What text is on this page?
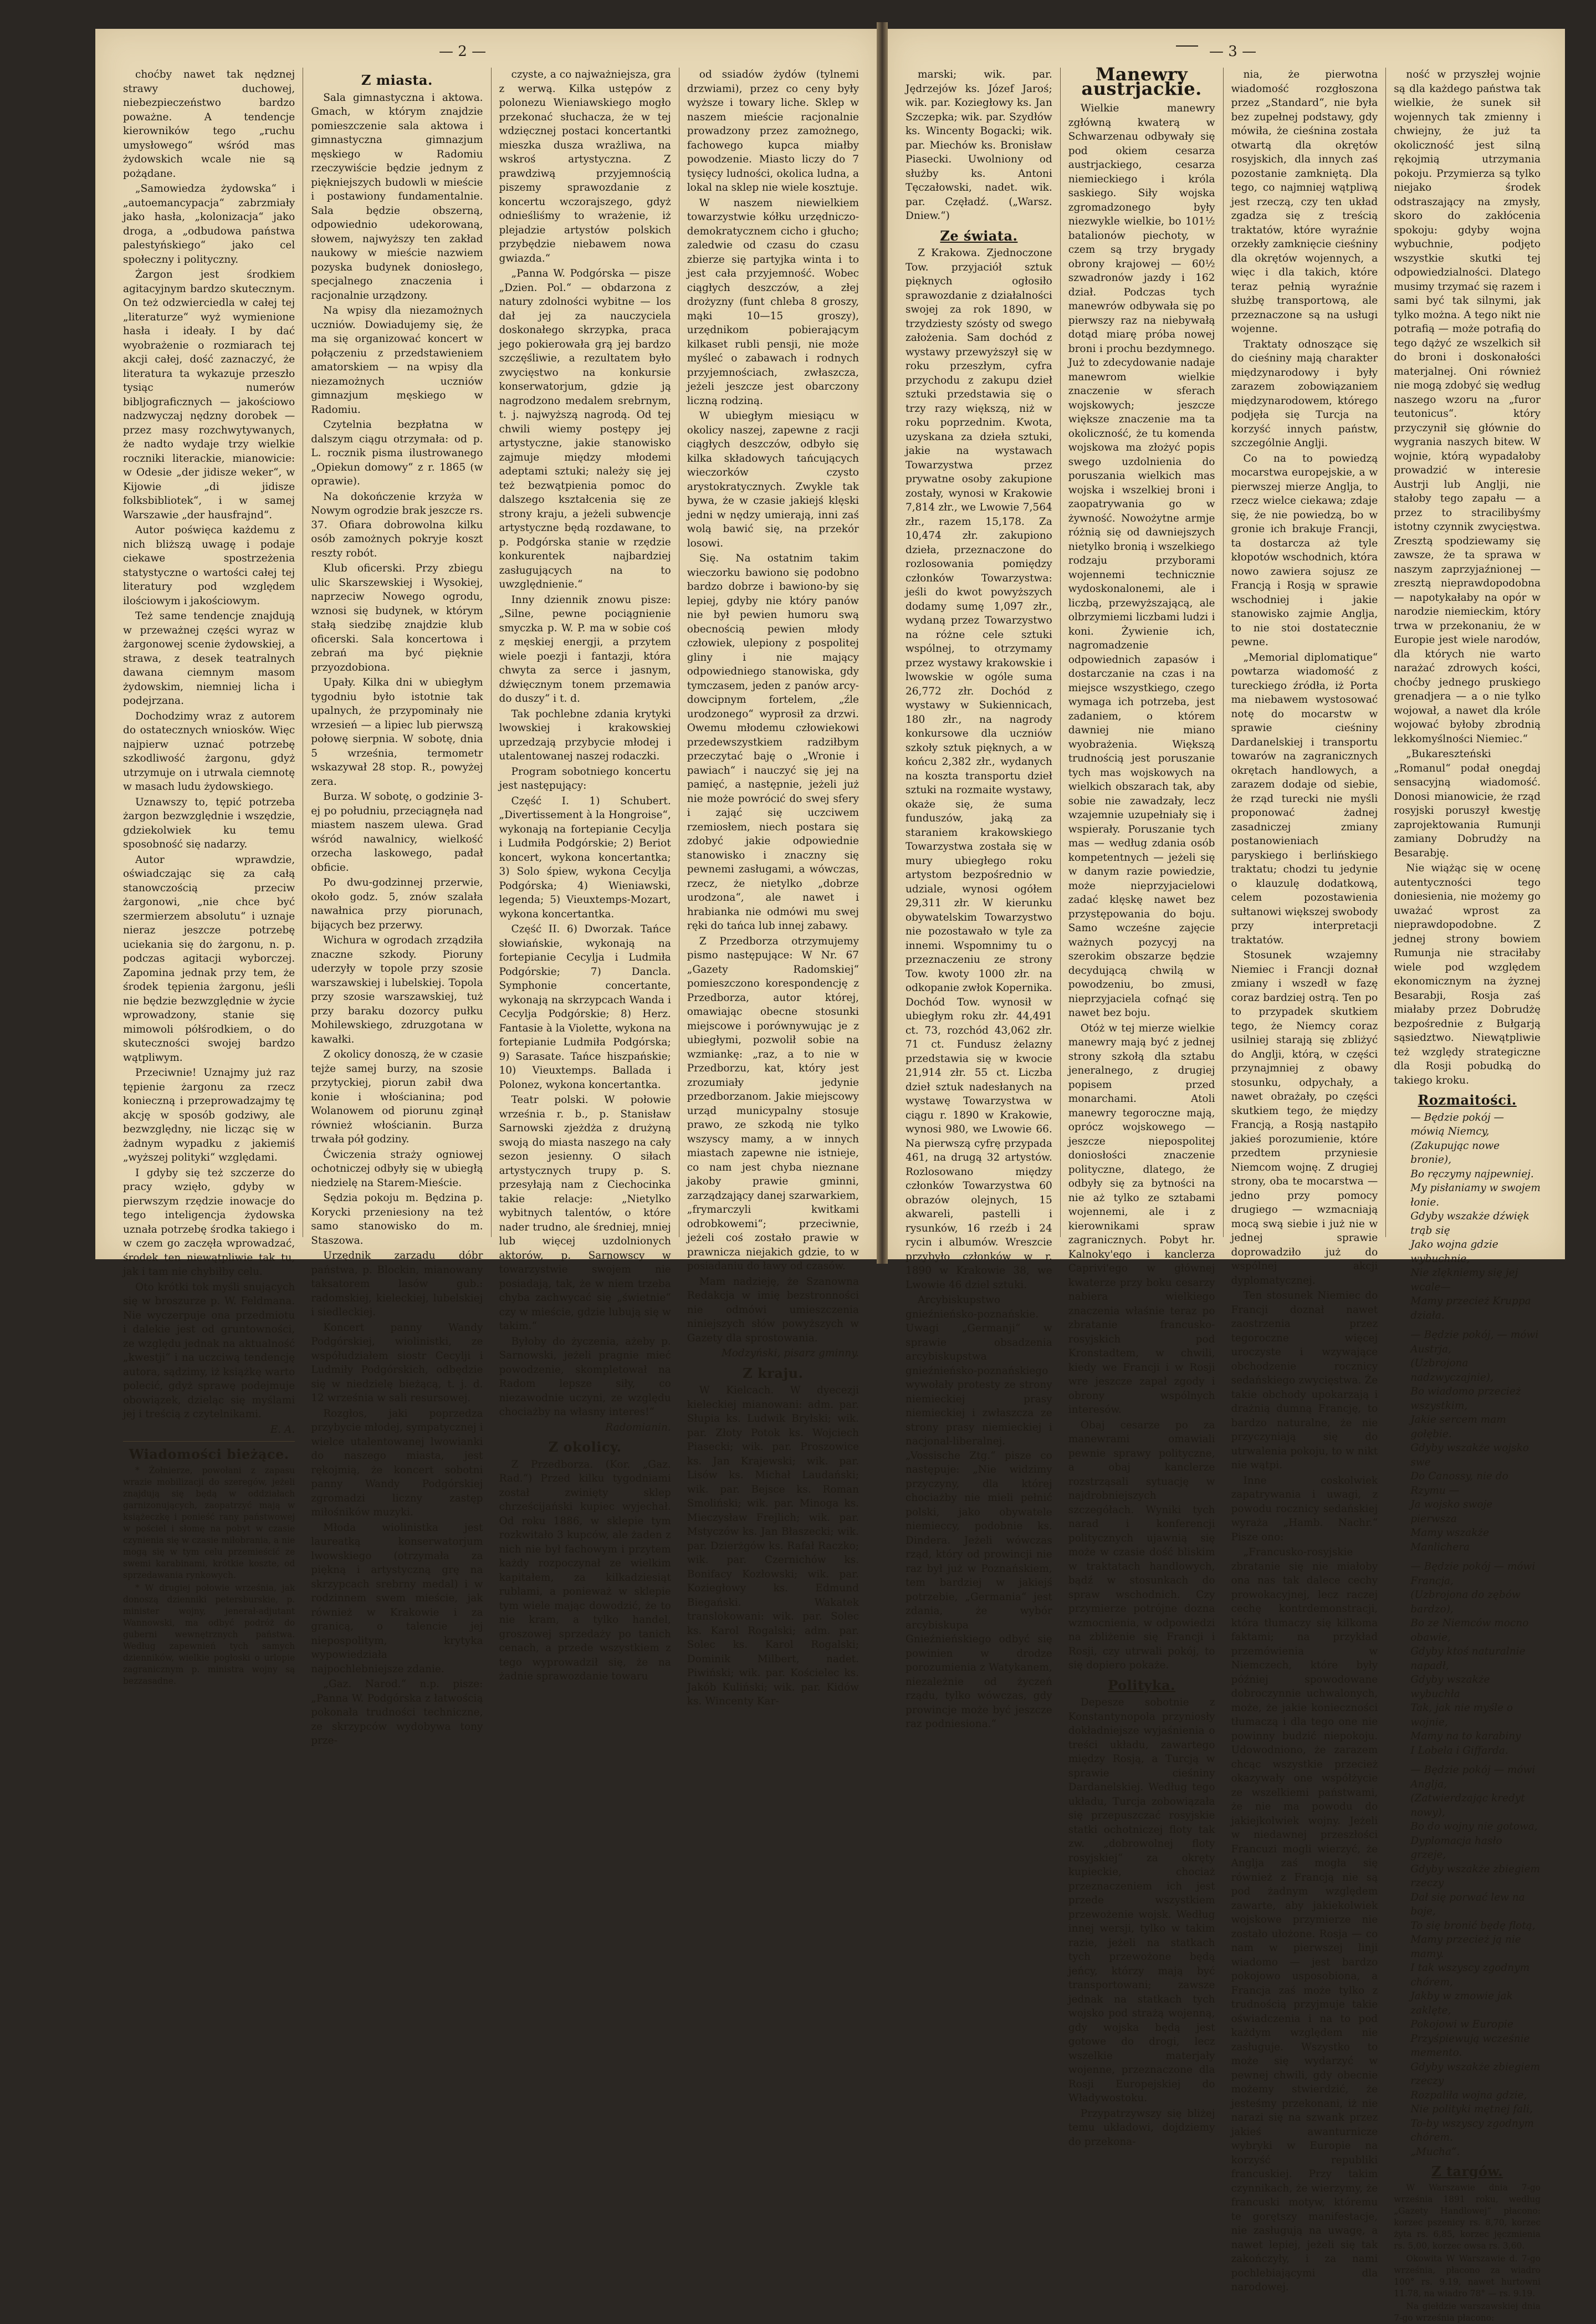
— 2 —

choćby nawet tak nędznej strawy duchowej, niebezpieczeństwo bardzo poważne. A tendencje kierowników tego „ruchu umysłowego“ wśród mas żydowskich wcale nie są pożądane.

„Samowiedza żydowska“ i „autoemancypacja“ zabrzmiały jako hasła, „kolonizacja“ jako droga, a „odbudowa państwa palestyńskiego“ jako cel społeczny i polityczny.

Żargon jest środkiem agitacyjnym bardzo skutecznym. On też odzwierciedla w całej tej „literaturze“ wyż wymienione hasła i ideały. I by dać wyobrażenie o rozmiarach tej akcji całej, dość zaznaczyć, że literatura ta wykazuje przeszło tysiąc numerów bibljograficznych — jakościowo nadzwyczaj nędzny dorobek — przez masy rozchwytywanych, że nadto wydaje trzy wielkie roczniki literackie, mianowicie: w Odesie „der jidisze weker“, w Kijowie „di jidisze folksbibliotek“, i w samej Warszawie „der hausfrajnd“.

Autor poświęca każdemu z nich bliższą uwagę i podaje ciekawe spostrzeżenia statystyczne o wartości całej tej literatury pod względem ilościowym i jakościowym.

Też same tendencje znajdują w przeważnej części wyraz w żargonowej scenie żydowskiej, a strawa, z desek teatralnych dawana ciemnym masom żydowskim, niemniej licha i podejrzana.

Dochodzimy wraz z autorem do ostatecznych wniosków. Więc najpierw uznać potrzebę szkodliwość żargonu, gdyż utrzymuje on i utrwala ciemnotę w masach ludu żydowskiego.

Uznawszy to, tępić potrzeba żargon bezwzględnie i wszędzie, gdziekolwiek ku temu sposobność się nadarzy.

Autor wprawdzie, oświadczając się za całą stanowczością przeciw żargonowi, „nie chce być szermierzem absolutu“ i uznaje nieraz jeszcze potrzebę uciekania się do żargonu, n. p. podczas agitacji wyborczej. Zapomina jednak przy tem, że środek tępienia żargonu, jeśli nie będzie bezwzględnie w życie wprowadzony, stanie się mimowoli półśrodkiem, o do skuteczności swojej bardzo wątpliwym.

Przeciwnie! Uznajmy już raz tępienie żargonu za rzecz konieczną i przeprowadzajmy tę akcję w sposób godziwy, ale bezwzględny, nie licząc się w żadnym wypadku z jakiemiś „wyższej polityki“ względami.

I gdyby się też szczerze do pracy wzięło, gdyby w pierwszym rzędzie inowacje do tego inteligencja żydowska uznała potrzebę środka takiego i w czem go zaczęła wprowadzać, środek ten niewątpliwie tak tu, jak i tam nie chybiłby celu.

Oto krótki tok myśli snujących się w broszurze p. W. Feldmana. Nie wyczerpuje ona przedmiotu i dalekie jest od gruntowności, ze względu jednak na aktualność „kwestji“ i na uczciwą tendencję autora, sądzimy, iż książkę warto polecić, gdyż sprawę podejmuje obowiązek, dzieląc się myślami jej i treścią z czytelnikami.

E. A.
Wiadomości bieżące.

* Żołnierze, powołani z zapasu wrazie mobilizacji do szeregów, jeżeli znajdują się będą w oddziałach garnizonujących, zaopatrzyć mają w książeczkę i ponieść rany państwowej w pościel i słomę na pobyt w czasie czynienia się w czasie miłobrania, a nie mogą się w tym celu przemieścić ze swemi karabinami, krótkie koszte, od sprzedawania rynkowych.

* W drugiej połowie września, jak donoszą dzienniki petersburskie, p. minister wojny, jenerał-adjutant Wannowski, ma odbyć podróż do guberni wewnętrznych państwa. Według zapewnień tych samych dzienników, wielkie pogłoski o urlopie zagranicznym p. ministra wojny są bezzasadne.

Z miasta.

Sala gimnastyczna i aktowa. Gmach, w którym znajdzie pomieszczenie sala aktowa i gimnastyczna gimnazjum męskiego w Radomiu rzeczywiście będzie jednym z piękniejszych budowli w mieście i postawiony fundamentalnie. Sala będzie obszerną, odpowiednio udekorowaną, słowem, najwyższy ten zakład naukowy w mieście nazwiem pozyska budynek doniosłego, specjalnego znaczenia i racjonalnie urządzony.

Na wpisy dla niezamożnych uczniów. Dowiadujemy się, że ma się organizować koncert w połączeniu z przedstawieniem amatorskiem — na wpisy dla niezamożnych uczniów gimnazjum męskiego w Radomiu.

Czytelnia bezpłatna w dalszym ciągu otrzymała: od p. L. rocznik pisma ilustrowanego „Opiekun domowy“ z r. 1865 (w oprawie).

Na dokończenie krzyża w Nowym ogrodzie brak jeszcze rs. 37. Ofiara dobrowolna kilku osób zamożnych pokryje koszt reszty robót.

Klub oficerski. Przy zbiegu ulic Skarszewskiej i Wysokiej, naprzeciw Nowego ogrodu, wznosi się budynek, w którym stałą siedzibę znajdzie klub oficerski. Sala koncertowa i zebrań ma być pięknie przyozdobiona.

Upały. Kilka dni w ubiegłym tygodniu było istotnie tak upalnych, że przypominały nie wrzesień — a lipiec lub pierwszą połowę sierpnia. W sobotę, dnia 5 września, termometr wskazywał 28 stop. R., powyżej zera.

Burza. W sobotę, o godzinie 3-ej po południu, przeciągnęła nad miastem naszem ulewa. Grad wśród nawalnicy, wielkość orzecha laskowego, padał obficie.

Po dwu-godzinnej przerwie, około godz. 5, znów szalała nawałnica przy piorunach, bijących bez przerwy.

Wichura w ogrodach zrządziła znaczne szkody. Pioruny uderzyły w topole przy szosie warszawskiej i lubelskiej. Topola przy szosie warszawskiej, tuż przy baraku dozorcy pułku Mohilewskiego, zdruzgotana w kawałki.

Z okolicy donoszą, że w czasie tejże samej burzy, na szosie przytyckiej, piorun zabił dwa konie i włościanina; pod Wolanowem od piorunu zginął również włościanin. Burza trwała pół godziny.

Ćwiczenia straży ogniowej ochotniczej odbyły się w ubiegłą niedzielę na Starem-Mieście.

Sędzia pokoju m. Będzina p. Korycki przeniesiony na też samo stanowisko do m. Staszowa.

Urzędnik zarządu dóbr państwa, p. Blockin, mianowany taksatorem lasów gub.: radomskiej, kieleckiej, lubelskiej i siedleckiej.

Koncert panny Wandy Podgórskiej, wiolinistki, ze współudziałem siostr Cecylji i Ludmiły Podgórskich, odbędzie się w niedzielę bieżącą, t. j. d. 12 września w sali resursowej.

Rozgłos, jaki poprzedza przybycie młodej, sympatycznej i wielce utalentowanej lwowianki do naszego miasta, jest rękojmią, że koncert sobotni panny Wandy Podgórskiej zgromadzi liczny zastęp miłośników muzyki.

Młoda wiolinistka jest laureatką konserwatorjum lwowskiego (otrzymała za piękną i artystyczną grę na skrzypcach srebrny medal) i w rodzinnem swem mieście, jak również w Krakowie i za granicą, o talencie jej niepospolitym, krytyka wypowiedziała najpochlebniejsze zdanie.

„Gaz. Narod.“ n.p. pisze: „Panna W. Podgórska z łatwością pokonała trudności techniczne, ze skrzypców wydobywa tony prze-

czyste, a co najważniejsza, gra z werwą. Kilka ustępów z polonezu Wieniawskiego mogło przekonać słuchacza, że w tej wdzięcznej postaci koncertantki mieszka dusza wrażliwa, na wskroś artystyczna. Z prawdziwą przyjemnością piszemy sprawozdanie z koncertu wczorajszego, gdyż odnieśliśmy to wrażenie, iż plejadzie artystów polskich przybędzie niebawem nowa gwiazda.“

„Panna W. Podgórska — pisze „Dzien. Pol.“ — obdarzona z natury zdolności wybitne — los dał jej za nauczyciela doskonałego skrzypka, praca jego pokierowała grą jej bardzo szczęśliwie, a rezultatem było zwycięstwo na konkursie konserwatorjum, gdzie ją nagrodzono medalem srebrnym, t. j. najwyższą nagrodą. Od tej chwili wiemy postępy jej artystyczne, jakie stanowisko zajmuje między młodemi adeptami sztuki; należy się jej też bezwątpienia pomoc do dalszego kształcenia się ze strony kraju, a jeżeli subwencje artystyczne będą rozdawane, to p. Podgórska stanie w rzędzie konkurentek najbardziej zasługujących na to uwzględnienie.“

Inny dziennik znowu pisze: „Silne, pewne pociągnienie smyczka p. W. P. ma w sobie coś z męskiej energji, a przytem wiele poezji i fantazji, która chwyta za serce i jasnym, dźwięcznym tonem przemawia do duszy“ i t. d.

Tak pochlebne zdania krytyki lwowskiej i krakowskiej uprzedzają przybycie młodej i utalentowanej naszej rodaczki.

Program sobotniego koncertu jest następujący:

Część I. 1) Schubert. „Divertissement à la Hongroise“, wykonają na fortepianie Cecylja i Ludmiła Podgórskie; 2) Beriot koncert, wykona koncertantka; 3) Solo śpiew, wykona Cecylja Podgórska; 4) Wieniawski, legenda; 5) Vieuxtemps-Mozart, wykona koncertantka.

Część II. 6) Dworzak. Tańce słowiańskie, wykonają na fortepianie Cecylja i Ludmiła Podgórskie; 7) Dancla. Symphonie concertante, wykonają na skrzypcach Wanda i Cecylja Podgórskie; 8) Herz. Fantasie à la Violette, wykona na fortepianie Ludmiła Podgórska; 9) Sarasate. Tańce hiszpańskie; 10) Vieuxtemps. Ballada i Polonez, wykona koncertantka.

Teatr polski. W połowie września r. b., p. Stanisław Sarnowski zjeżdża z drużyną swoją do miasta naszego na cały sezon jesienny. O siłach artystycznych trupy p. S. przesyłają nam z Ciechocinka takie relacje: „Nietylko wybitnych talentów, o które nader trudno, ale średniej, mniej lub więcej uzdolnionych aktorów, p. Sarnowscy w towarzystwie swojem nie posiadają, tak, że w niem trzeba chyba zachwycać się „świetnie“ czy w mieście, gdzie lubują się w takim.“

Byłoby do życzenia, ażeby p. Sarnowski, jeżeli pragnie mieć powodzenie, skompletował na Radom lepsze siły, co niezawodnie uczyni, ze względu chociażby na własny interes!“

Radomianin.
Z okolicy.

Z Przedborza. (Kor. „Gaz. Rad.“) Przed kilku tygodniami został zwinięty sklep chrześcijański kupiec wyjechał. Od roku 1886, w sklepie tym rozkwitało 3 kupców, ale żaden z nich nie był fachowym i przytem każdy rozpoczynał ze wielkim kapitałem, za kilkadziesiąt rublami, a ponieważ w sklepie tym wiele mając dowodzić, że to nie kram, a tylko handel, groszowej sprzedaży po tanich cenach, a przede wszystkiem z tego wyprowadził się, że na żadnie sprawozdanie towaru

od ssiadów żydów (tylnemi drzwiami), przez co ceny były wyższe i towary liche. Sklep w naszem mieście racjonalnie prowadzony przez zamożnego, fachowego kupca miałby powodzenie. Miasto liczy do 7 tysięcy ludności, okolica ludna, a lokal na sklep nie wiele kosztuje.

W naszem niewielkiem towarzystwie kółku urzędniczo-demokratycznem cicho i głucho; zaledwie od czasu do czasu zbierze się partyjka winta i to jest cała przyjemność. Wobec ciągłych deszczów, a złej drożyzny (funt chleba 8 groszy, mąki 10—15 groszy), urzędnikom pobierającym kilkaset rubli pensji, nie może myśleć o zabawach i rodnych przyjemnościach, zwłaszcza, jeżeli jeszcze jest obarczony liczną rodziną.

W ubiegłym miesiącu w okolicy naszej, zapewne z racji ciągłych deszczów, odbyło się kilka składowych tańcujących wieczorków czysto arystokratycznych. Zwykle tak bywa, że w czasie jakiejś klęski jedni w nędzy umierają, inni zaś wolą bawić się, na przekór losowi.

Się. Na ostatnim takim wieczorku bawiono się podobno bardzo dobrze i bawiono-by się lepiej, gdyby nie który panów nie był pewien humoru swą obecnością pewien młody człowiek, ulepiony z pospolitej gliny i nie mający odpowiedniego stanowiska, gdy tymczasem, jeden z panów arcy-dowcipnym fortelem, „źle urodzonego“ wyprosił za drzwi. Owemu młodemu człowiekowi przedewszystkiem radziłbym przeczytać baję o „Wronie i pawiach“ i nauczyć się jej na pamięć, a następnie, jeżeli już nie może powrócić do swej sfery i zająć się uczciwem rzemiosłem, niech postara się zdobyć jakie odpowiednie stanowisko i znaczny się pewnemi zasługami, a wówczas, rzecz, że nietylko „dobrze urodzona“, ale nawet i hrabianka nie odmówi mu swej ręki do tańca lub innej zabawy.

Z Przedborza otrzymujemy pismo następujące: W Nr. 67 „Gazety Radomskiej“ pomieszczono korespondencję z Przedborza, autor której, omawiając obecne stosunki miejscowe i porównywując je z ubiegłymi, pozwolił sobie na wzmiankę: „raz, a to nie w Przedborzu, kat, który jest zrozumiały jedynie przedborzanom. Jakie miejscowy urząd municypalny stosuje prawo, ze szkodą nie tylko wszyscy mamy, a w innych miastach zapewne nie istnieje, co nam jest chyba nieznane jakoby prawie gminni, zarządzający danej szarwarkiem, „frymarczyli kwitkami odrobkowemi“; przeciwnie, jeżeli coś zostało prawie w prawnicza niejakich gdzie, to w posiadaniu do ławy od czasów.

Mam nadzieję, że Szanowna Redakcja w imię bezstronności nie odmówi umieszczenia niniejszych słów powyższych w Gazety dla sprostowania.

Modzyński, pisarz gminny.
Z kraju.

W Kielcach. W dyecezji kieleckiej mianowani: adm. par. Słupia ks. Ludwik Bryłski; wik. par. Złoty Potok ks. Wojciech Piasecki; wik. par. Proszowice ks. Jan Krajewski; wik. par. Lisów ks. Michał Laudański; wik. par. Bejsce ks. Roman Smoliński; wik. par. Minoga ks. Mieczysław Frejlich; wik. par. Mstyczów ks. Jan Błaszecki; wik. par. Dzierżgów ks. Rafał Raczko; wik. par. Czernichów ks. Bonifacy Kozłowski; wik. par. Koziegłowy ks. Edmund Biegański. Wakatek translokowani: wik. par. Solec ks. Karol Rogalski; adm. par. Solec ks. Karol Rogalski; Dominik Milbert, nadet. Piwiński; wik. par. Kościelec ks. Jakób Kuliński; wik. par. Kidów ks. Wincenty Kar-

— 3 —

marski; wik. par. Jędrzejów ks. Józef Jaroś; wik. par. Koziegłowy ks. Jan Szczepka; wik. par. Szydłów ks. Wincenty Bogacki; wik. par. Miechów ks. Bronisław Piasecki. Uwolniony od służby ks. Antoni Tęczałowski, nadet. wik. par. Częładź. („Warsz. Dniew.“)

Ze świata.

Z Krakowa. Zjednoczone Tow. przyjaciół sztuk pięknych ogłosiło sprawozdanie z działalności swojej za rok 1890, w trzydziesty szósty od swego założenia. Sam dochód z wystawy przewyższył się w roku przeszłym, cyfra przychodu z zakupu dzieł sztuki przedstawia się o trzy razy większą, niż w roku poprzednim. Kwota, uzyskana za dzieła sztuki, jakie na wystawach Towarzystwa przez prywatne osoby zakupione zostały, wynosi w Krakowie 7,814 złr., we Lwowie 7,564 złr., razem 15,178. Za 10,474 złr. zakupiono dzieła, przeznaczone do rozlosowania pomiędzy członków Towarzystwa: jeśli do kwot powyższych dodamy sumę 1,097 złr., wydaną przez Towarzystwo na różne cele sztuki wspólnej, to otrzymamy przez wystawy krakowskie i lwowskie w ogóle suma 26,772 złr. Dochód z wystawy w Sukiennicach, 180 złr., na nagrody konkursowe dla uczniów szkoły sztuk pięknych, a w końcu 2,382 złr., wydanych na koszta transportu dzieł sztuki na rozmaite wystawy, okaże się, że suma funduszów, jaką za staraniem krakowskiego Towarzystwa została się w mury ubiegłego roku artystom bezpośrednio w udziale, wynosi ogółem 29,311 złr. W kierunku obywatelskim Towarzystwo nie pozostawało w tyle za innemi. Wspomnimy tu o przeznaczeniu ze strony Tow. kwoty 1000 złr. na odkopanie zwłok Kopernika. Dochód Tow. wynosił w ubiegłym roku złr. 44,491 ct. 73, rozchód 43,062 złr. 71 ct. Fundusz żelazny przedstawia się w kwocie 21,914 złr. 55 ct. Liczba dzieł sztuk nadesłanych na wystawę Towarzystwa w ciągu r. 1890 w Krakowie, wynosi 980, we Lwowie 66. Na pierwszą cyfrę przypada 461, na drugą 32 artystów. Rozlosowano między członków Towarzystwa 60 obrazów olejnych, 15 akwareli, pastelli i rysunków, 16 rzeźb i 24 rycin i albumów. Wreszcie przybyło członków w r. 1890 w Krakowie 38, we Lwowie 46 dziel sztuki.

Arcybiskupstwo gnieźnieńsko-poznańskie. Uwagi „Germanji“ w sprawie obsadzenia arcybiskupstwa gnieźnieńsko-poznańskiego wywołały protesty ze strony niemieckiej prasy niemieckiej i zwłaszcza ze strony prasy niemieckiej i nacjonal-liberalnej. „Vossische Ztg.“ pisze co następuje: „Nie widzimy przyczyny, dla której chociażby nie mieli pełnić polski, jako obywatele niemieccy, podobnie ks. Dindera. Jeżeli wówczas rząd, który od prowincji nie raz był już w Poznańskiem, tem bardziej w jakiejś potrzebie, „Germania“ jest zdania, że wybór arcybiskupa Gnieźnieńskiego odbyć się powinien w drodze porozumienia z Watykanem, niezależnie od życzeń rządu, tylko wówczas, gdy prowincje może być jeszcze raz podniesiona.“

Manewry austrjackie.

Wielkie manewry zgłówną kwaterą w Schwarzenau odbywały się pod okiem cesarza austrjackiego, cesarza niemieckiego i króla saskiego. Siły wojska zgromadzonego były niezwykle wielkie, bo 101½ batalionów piechoty, w czem są trzy brygady obrony krajowej — 60½ szwadronów jazdy i 162 dział. Podczas tych manewrów odbywała się po pierwszy raz na niebywałą dotąd miarę próba nowej broni i prochu bezdymnego. Już to zdecydowanie nadaje manewrom wielkie znaczenie w sferach wojskowych; jeszcze większe znaczenie ma ta okoliczność, że tu komenda wojskowa ma złożyć popis swego uzdolnienia do poruszania wielkich mas wojska i wszelkiej broni i zaopatrywania go w żywność. Nowożytne armje różnią się od dawniejszych nietylko bronią i wszelkiego rodzaju przyborami wojennemi technicznie wydoskonalonemi, ale i liczbą, przewyższającą, ale olbrzymiemi liczbami ludzi i koni. Żywienie ich, nagromadzenie odpowiednich zapasów i dostarczanie na czas i na miejsce wszystkiego, czego wymaga ich potrzeba, jest zadaniem, o którem dawniej nie miano wyobrażenia. Większą trudnością jest poruszanie tych mas wojskowych na wielkich obszarach tak, aby sobie nie zawadzały, lecz wzajemnie uzupełniały się i wspierały. Poruszanie tych mas — według zdania osób kompetentnych — jeżeli się w danym razie powiedzie, może nieprzyjacielowi zadać klęskę nawet bez przystępowania do boju. Samo wcześne zajęcie ważnych pozycyj na szerokim obszarze będzie decydującą chwilą w powodzeniu, bo zmusi, nieprzyjaciela cofnąć się nawet bez boju.

Otóż w tej mierze wielkie manewry mają być z jednej strony szkołą dla sztabu jeneralnego, z drugiej popisem przed monarchami. Atoli manewry tegoroczne mają, oprócz wojskowego — jeszcze niepospolitej doniosłości znaczenie polityczne, dlatego, że odbyły się za bytności na nie aż tylko ze sztabami wojennemi, ale i z kierownikami spraw zagranicznych. Pobyt hr. Kalnoky'ego i kanclerza Caprivi'ego w głównej kwaterze przy boku cesarzy nabiera wielkiego znaczenia właśnie teraz po zbratanie francusko-rosyjskich pod Kronstadtem, w chwili, kiedy we Francji i w Rosji wre jeszcze zapał zgody i obrony wspólnych interesów.

Obaj cesarze po za manewrami omawiali pewnie sprawy polityczne, a obaj kanclerze rozstrząsali sytuację w najdrobniejszych szczegółach. Wyniki tych narad i konferencji politycznych ujawnią się może w czasie dość bliskim w traktatach handlowych, bądź w stosunkach do spraw wschodnich. Czy przymierze potrójne dozna wzmocnienia, w odpowiedzi na zbliżenie się Francji i Rosji, czy utrwali pokój, to się dopiero pokaże.

Polityka.

Depesze sobotnie z Konstantynopola przyniosły dokładniejsze wyjaśnienia o treści układu, zawartego między Rosją, a Turcją w sprawie cieśniny Dardanelskiej. Według tego układu, Turcja zobowiązała się przepuszczać rosyjskie statki ochotniczej floty tak zw. „dobrowolnej floty rosyjskiej“ za okręty kupieckie, chociaż przeznaczeniem ich jest przede wszystkiem przewożenie wojsk. Według innej wersji, tylko w takim razie, jeżeli na statkach tych przewożone będą jeńcy, którzy mają być transportowani; zawsze jednak na statkach tych wojsko pod strażą wojenną, gdy wojska będą jest gotowe do drogi, lecz wszelkie materjały wojenne, przeznaczone dla Rosji Europejskiej do Władywostoku.

Przypatrzywszy się bliżej temu układowi, dojdziemy do przekona-

nia, że pierwotna wiadomość rozgłoszona przez „Standard“, nie była bez zupełnej podstawy, gdy mówiła, że cieśnina została otwartą dla okrętów rosyjskich, dla innych zaś pozostanie zamkniętą. Dla tego, co najmniej wątpliwą jest rzeczą, czy ten układ zgadza się z treścią traktatów, które wyraźnie orzekły zamknięcie cieśniny dla okrętów wojennych, a więc i dla takich, które teraz pełnią wyraźnie służbę transportową, ale przeznaczone są na usługi wojenne.

Traktaty odnoszące się do cieśniny mają charakter międzynarodowy i były zarazem zobowiązaniem międzynarodowem, którego podjęła się Turcja na korzyść innych państw, szczególnie Anglji.

Co na to powiedzą mocarstwa europejskie, a w pierwszej mierze Anglja, to rzecz wielce ciekawa; zdaje się, że nie powiedzą, bo w gronie ich brakuje Francji, ta dostarcza aż tyle kłopotów wschodnich, która nowo zawiera sojusz ze Francją i Rosją w sprawie wschodniej i jakie stanowisko zajmie Anglja, to nie stoi dostatecznie pewne.

„Memorial diplomatique“ powtarza wiadomość z tureckiego źródła, iż Porta ma niebawem wystosować notę do mocarstw w sprawie cieśniny Dardanelskiej i transportu towarów na zagranicznych okrętach handlowych, a zarazem dodaje od siebie, że rząd turecki nie myśli proponować żadnej zasadniczej zmiany postanowieniach paryskiego i berlińskiego traktatu; chodzi tu jedynie o klauzulę dodatkową, celem pozostawienia sułtanowi większej swobody przy interpretacji traktatów.

Stosunek wzajemny Niemiec i Francji doznał zmiany i wszedł w fazę coraz bardziej ostrą. Ten po to przypadek skutkiem tego, że Niemcy coraz usilniej starają się zbliżyć do Anglji, którą, w części przynajmniej z obawy stosunku, odpychały, a nawet obrażały, po części skutkiem tego, że między Francją, a Rosją nastąpiło jakieś porozumienie, które przedtem przyniesie Niemcom wojnę. Z drugiej strony, oba te mocarstwa — jedno przy pomocy drugiego — wzmacniają mocą swą siebie i już nie w jednej sprawie doprowadziło już do wspólnej akcji dyplomatycznej.

Ten stosunek Niemiec do Francji doznał nawet zaostrzenia przez tegoroczne więcej uroczyste i wzywające obchodzenie rocznicy sedańskiego zwycięstwa. Że takie obchody upokarzają i drażnią dumną Francję, to bardzo naturalne, że nie przyczyniają się do utrwalenia pokoju, to w nikt nie wątpi.

Inne coskolwiek zapatrywania i uwagi, z powodu rocznicy sedańskiej wyraża „Hamb. Nachr.“ Pisze ono:

„Francusko-rosyjskie zbratanie się nie miałoby ona nas tak dalece cechy prowokacyjnej, lecz raczej cechę kontrdemonstracji, która tłumaczy się kilkoma faktami; na przykład przemówienia w Niemczech, które były później spowodowane dobroczynnie uchwalonych, może, że jakie konieczności tłumaczą i dla tego one nie powinny budzić niepokoju. Udowodniono, że zarazem chcąc wszystkie przecież okazywały one współżycie ze wszelkiemi państwami, że nie ma powodu do jakiejkolwiek wojny. Jeżeli w niedawnej przeszłości Francuzi mogli wierzyć, że Anglja zaś mogła się również z Francją nie są pod żadnym względem zawarte, aby jakiekolwiek wojskowe przymierze nie zostało ułożone. Rosja — co nam w pierwszej linji wiadomo — jest bardzo pokojowo usposobiona, a Francja zaś może tylko z trudnością przyjmuje takie oświadczenia i na to pod każdym względem nie zasługuje. Wszystko to może się wydarzyć w pewnej chwili, gdy obecnie możemy stwierdzić, że jesteśmy przekonani, iż nie narazi się na szwank przez jakieś awanturnicze wybryki w Europie na korzyść republiki francuskiej. Przy takim czynnikach, że wierzymy, że francuski motyw, któremu te gorętszy manifestacje, nie zasługują na uwagę, a nawet lepiej, jeżeli się tak zakończyły, i za nami pochlebiającymi dla narodowej.

ność w przyszłej wojnie są dla każdego państwa tak wielkie, że sunek sił wojennych tak zmienny i chwiejny, że już ta okoliczność jest silną rękojmią utrzymania pokoju. Przymierza są tylko niejako środek odstraszający na zmysły, skoro do zakłócenia spokoju: gdyby wojna wybuchnie, podjęto wszystkie skutki tej odpowiedzialności. Dlatego musimy trzymać się razem i sami być tak silnymi, jak tylko można. A tego nikt nie potrafią — może potrafią do tego dążyć ze wszelkich sił do broni i doskonałości materjalnej. Oni również nie mogą zdobyć się według naszego wzoru na „furor teutonicus“. który przyczynił się głównie do wygrania naszych bitew. W wojnie, którą wypadałoby prowadzić w interesie Austrji lub Anglji, nie stałoby tego zapału — a przez to stracilibyśmy istotny czynnik zwycięstwa. Zresztą spodziewamy się zawsze, że ta sprawa w naszym zaprzyjaźnionej — zresztą nieprawdopodobna — napotykałaby na opór w narodzie niemieckim, który trwa w przekonaniu, że w Europie jest wiele narodów, dla których nie warto narażać zdrowych kości, choćby jednego pruskiego grenadjera — a o nie tylko wojował, a nawet dla króle wojować byłoby zbrodnią lekkomyślności Niemiec.“

„Bukareszteński „Romanul“ podał onegdaj sensacyjną wiadomość. Donosi mianowicie, że rząd rosyjski poruszył kwestję zaprojektowania Rumunji zamiany Dobrudży na Besarabję.

Nie wiążąc się w ocenę autentyczności tego doniesienia, nie możemy go uważać wprost za nieprawdopodobne. Z jednej strony bowiem Rumunja nie straciłaby wiele pod względem ekonomicznym na żyznej Besarabji, Rosja zaś miałaby przez Dobrudżę bezpośrednie z Bułgarją sąsiedztwo. Niewątpliwie też względy strategiczne dla Rosji pobudką do takiego kroku.

Rozmaitości.

— Będzie pokój — mówią Niemcy,

(Zakupując nowe bronie),

Bo ręczymy najpewniej.

My pisłaniamy w swojem łonie.

Gdyby wszakże dźwięk trąb się

Jako wojna gdzie wybuchnie,

Nie zlękniemy się jej wcale—

Mamy przecież Kruppa działa.

— Będzie pokój, — mówi Austrja,

(Uzbrojona nadzwyczajnie),

Bo wiadomo przecież wszystkim,

Jakie sercem mam gołębie.

Gdyby wszakże wojsko swe

Do Canossy, nie do Rzymu —

Ja wojsko swoje pierwsza

Mamy wszakże Manlichera

— Będzie pokój — mówi Francja,

(Uzbrojona do zębów bardzo),

Bo ze Niemców mocno obawie,

Gdyby ktoś naturalnie napadł,

Gdyby wszakże wybuchła

Tak, jak nie myśle o wojnie,

Mamy na to karabiny

I Lobela i Giffarda.

— Będzie pokój — mówi Anglja,

(Zatwierdzając kredyt nowy),

Bo do wojny nie gotowa,

Dyplomacja hasło grzeje,

Gdyby wszakże zbiegiem rzeczy

Dał się porwać lew na boje,

To się bronić będę flotą,

Mamy przecież ją nie mamy.

I tak wszyscy zgodnym chórem,

Jakby w zmowie jak zaklęte,

Pokojowi w Europie

Przyśpiewują wcześnie memento.

Gdyby wszakże zbiegiem rzeczy

Rozpaliła wojna gdzie,

Nie polityki mętnej fali,

To-by wszyscy zgodnym chórem.

„Mucha“.

Z targów.

W Warszawie dnia 7-go września 1891 roku, według „Gazety Handlowej“ płacono: korzec pszenicy rs. 8,70, korzec żyta rs. 6,85, korzec jęczmienia rs. 5,00, korzec owsa rs. 3,60.

Okowita W Warszawie d. 7-go września, płacono za wiadro 100° rs. 9.19, nawet hurtowni 11.78, na wiadro 78° — rs. 9.19.

Na giełdzie warszawskiej dnia 7-go września płacono:
